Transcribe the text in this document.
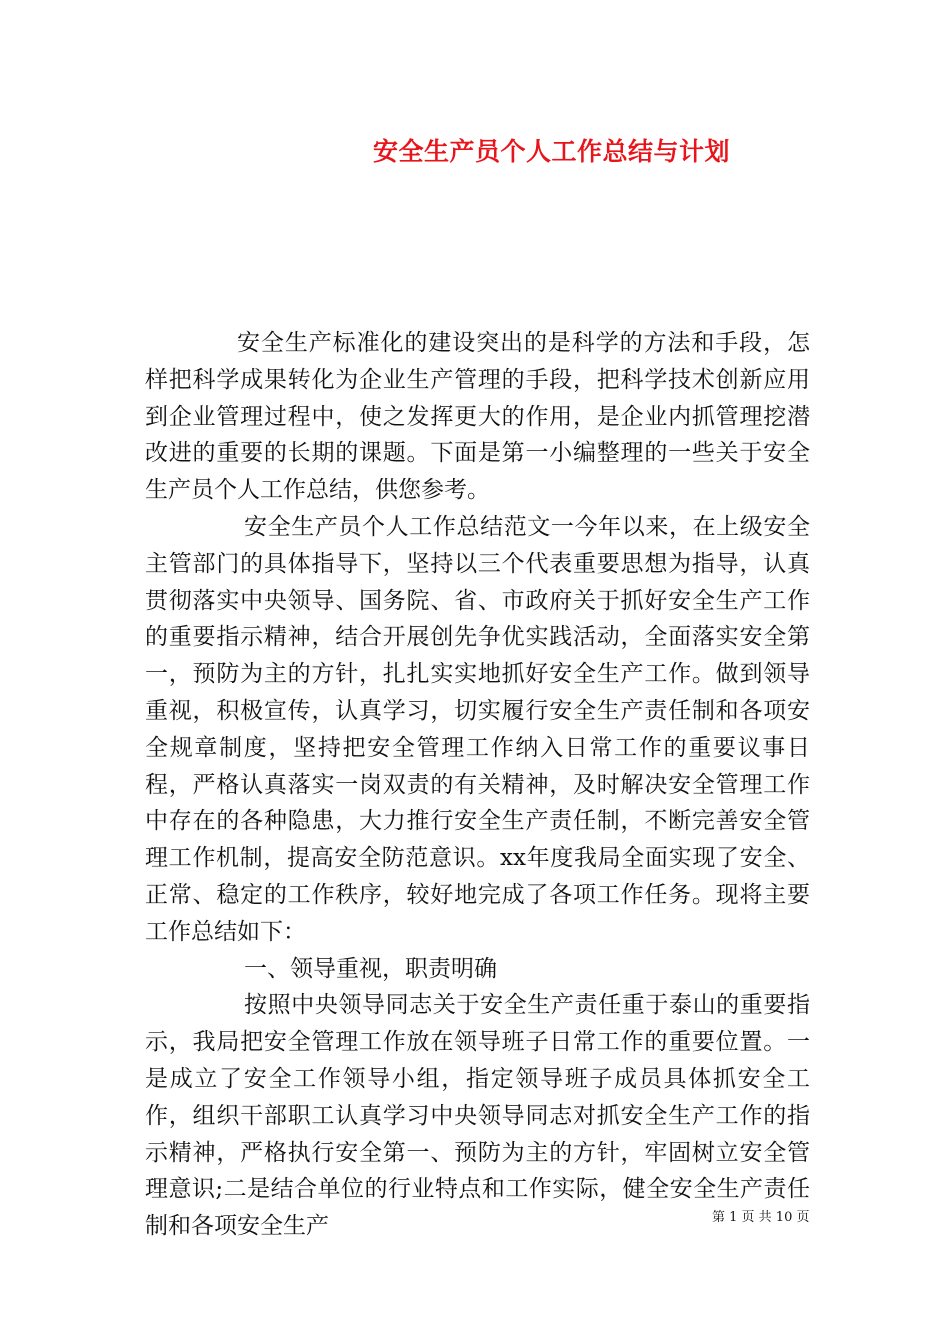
安全生产员个人工作总结与计划

安全生产标准化的建设突出的是科学的方法和手段，怎样把科学成果转化为企业生产管理的手段，把科学技术创新应用到企业管理过程中，使之发挥更大的作用，是企业内抓管理挖潜改进的重要的长期的课题。下面是第一小编整理的一些关于安全生产员个人工作总结，供您参考。

安全生产员个人工作总结范文一今年以来，在上级安全主管部门的具体指导下，坚持以三个代表重要思想为指导，认真贯彻落实中央领导、国务院、省、市政府关于抓好安全生产工作的重要指示精神，结合开展创先争优实践活动，全面落实安全第一，预防为主的方针，扎扎实实地抓好安全生产工作。做到领导重视，积极宣传，认真学习，切实履行安全生产责任制和各项安全规章制度，坚持把安全管理工作纳入日常工作的重要议事日程，严格认真落实一岗双责的有关精神，及时解决安全管理工作中存在的各种隐患，大力推行安全生产责任制，不断完善安全管理工作机制，提高安全防范意识。xx年度我局全面实现了安全、正常、稳定的工作秩序，较好地完成了各项工作任务。现将主要工作总结如下：

一、领导重视，职责明确

按照中央领导同志关于安全生产责任重于泰山的重要指示，我局把安全管理工作放在领导班子日常工作的重要位置。一是成立了安全工作领导小组，指定领导班子成员具体抓安全工作，组织干部职工认真学习中央领导同志对抓安全生产工作的指示精神，严格执行安全第一、预防为主的方针，牢固树立安全管理意识;二是结合单位的行业特点和工作实际，健全安全生产责任制和各项安全生产	第 1 页 共 10 页
